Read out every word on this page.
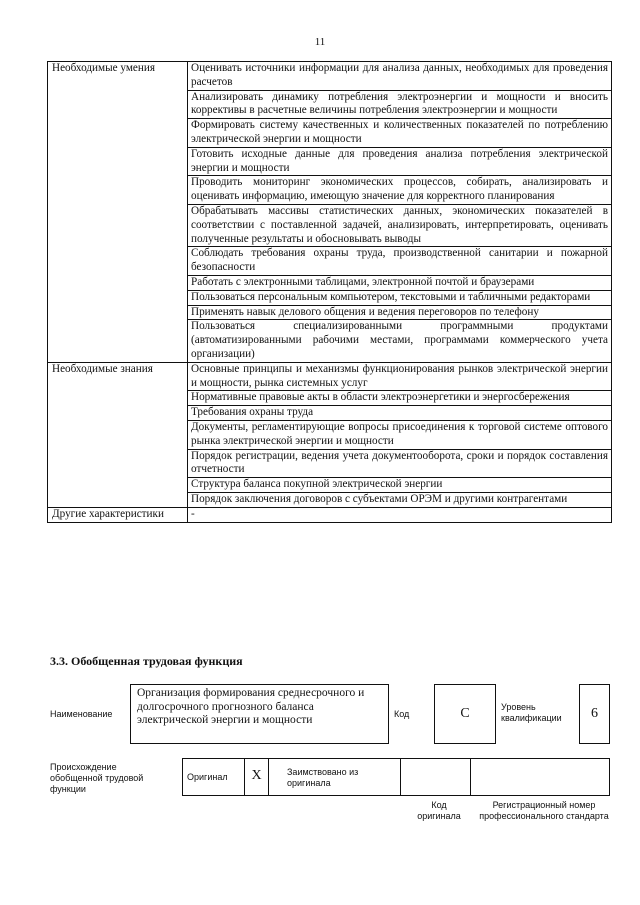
11
Необходимые умения	Оценивать источники информации для анализа данных, необходимых для проведения расчетов
	Анализировать динамику потребления электроэнергии и мощности и вносить коррективы в расчетные величины потребления электроэнергии и мощности
	Формировать систему качественных и количественных показателей по потреблению электрической энергии и мощности
	Готовить исходные данные для проведения анализа потребления электрической энергии и мощности
	Проводить мониторинг экономических процессов, собирать, анализировать и оценивать информацию, имеющую значение для корректного планирования
	Обрабатывать массивы статистических данных, экономических показателей в соответствии с поставленной задачей, анализировать, интерпретировать, оценивать полученные результаты и обосновывать выводы
	Соблюдать требования охраны труда, производственной санитарии и пожарной безопасности
	Работать с электронными таблицами, электронной почтой и браузерами
	Пользоваться персональным компьютером, текстовыми и табличными редакторами
	Применять навык делового общения и ведения переговоров по телефону
	Пользоваться специализированными программными продуктами (автоматизированными рабочими местами, программами коммерческого учета организации)
Необходимые знания	Основные принципы и механизмы функционирования рынков электрической энергии и мощности, рынка системных услуг
	Нормативные правовые акты в области электроэнергетики и энергосбережения
	Требования охраны труда
	Документы, регламентирующие вопросы присоединения к торговой системе оптового рынка электрической энергии и мощности
	Порядок регистрации, ведения учета документооборота, сроки и порядок составления отчетности
	Структура баланса покупной электрической энергии
	Порядок заключения договоров с субъектами ОРЭМ и другими контрагентами
Другие характеристики	-
3.3. Обобщенная трудовая функция
Наименование
Организация формирования среднесрочного и долгосрочного прогнозного баланса электрической энергии и мощности	Код	C	Уровень квалификации	6
Происхождение обобщенной трудовой функции
Оригинал	X	Заимствовано из оригинала
Код оригинала
Регистрационный номер профессионального стандарта
